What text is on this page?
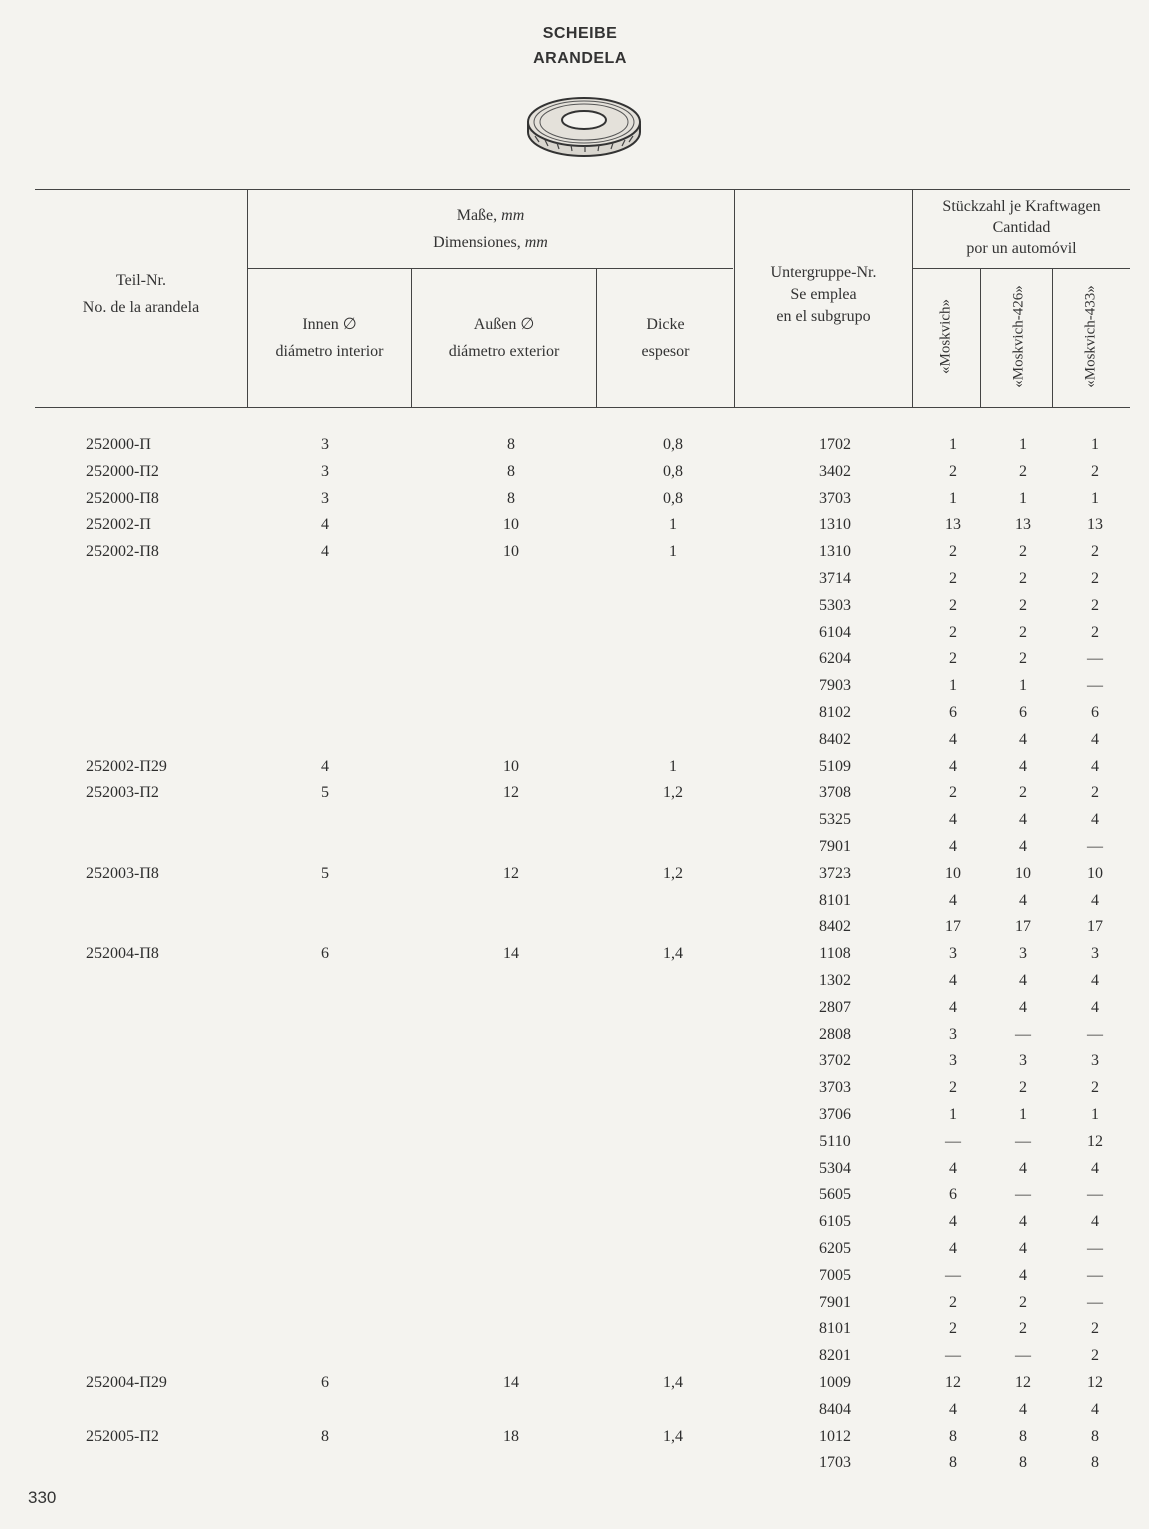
SCHEIBE
ARANDELA
Teil-Nr.
No. de la arandela
Maße, mm
Dimensiones, mm
Innen ∅
diámetro interior
Außen ∅
diámetro exterior
Dicke
espesor
Untergruppe-Nr.
Se emplea
en el subgrupo
Stückzahl je Kraftwagen
Cantidad
por un automóvil
«Moskvich»	«Moskvich-426»	«Moskvich-433»
252000-П	3	8	0,8	1702	1	1	1
252000-П2	3	8	0,8	3402	2	2	2
252000-П8	3	8	0,8	3703	1	1	1
252002-П	4	10	1	1310	13	13	13
252002-П8	4	10	1	1310	2	2	2
3714	2	2	2
5303	2	2	2
6104	2	2	2
6204	2	2	—
7903	1	1	—
8102	6	6	6
8402	4	4	4
252002-П29	4	10	1	5109	4	4	4
252003-П2	5	12	1,2	3708	2	2	2
5325	4	4	4
7901	4	4	—
252003-П8	5	12	1,2	3723	10	10	10
8101	4	4	4
8402	17	17	17
252004-П8	6	14	1,4	1108	3	3	3
1302	4	4	4
2807	4	4	4
2808	3	—	—
3702	3	3	3
3703	2	2	2
3706	1	1	1
5110	—	—	12
5304	4	4	4
5605	6	—	—
6105	4	4	4
6205	4	4	—
7005	—	4	—
7901	2	2	—
8101	2	2	2
8201	—	—	2
252004-П29	6	14	1,4	1009	12	12	12
8404	4	4	4
252005-П2	8	18	1,4	1012	8	8	8
1703	8	8	8
330
